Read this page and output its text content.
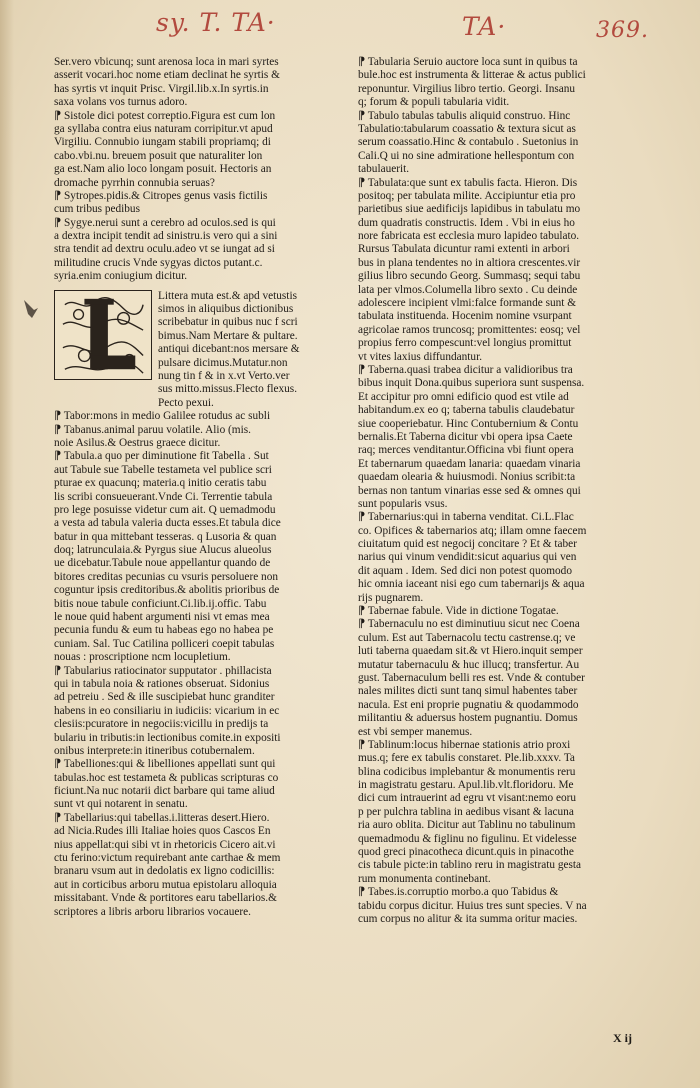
sy. T. TA·	TA·	369.
Ser.vero vbicunq; sunt arenosa loca in mari syrtes
asserit vocari.hoc nome etiam declinat he syrtis &
has syrtis vt inquit Prisc. Virgil.lib.x.In syrtis.in
saxa volans vos turnus adoro.
⁋ Sistole dici potest correptio.Figura est cum lon
ga syllaba contra eius naturam corripitur.vt apud
Virgiliu. Connubio iungam stabili propriamq; di
cabo.vbi.nu. breuem posuit que naturaliter lon
ga est.Nam alio loco longam posuit. Hectoris an
dromache pyrrhin connubia seruas?
⁋ Sytropes.pidis.& Citropes genus vasis fictilis
cum tribus pedibus
⁋ Sygye.nerui sunt a cerebro ad oculos.sed is qui
a dextra incipit tendit ad sinistru.is vero qui a sini
stra tendit ad dextru oculu.adeo vt se iungat ad si
militudine crucis Vnde sygyas dictos putant.c.
syria.enim coniugium dicitur.
Littera muta est.& apd vetustis
simos in aliquibus dictionibus
scribebatur in quibus nuc f scri
bimus.Nam Mertare & pultare.
antiqui dicebant:nos mersare &
pulsare dicimus.Mutatur.non
nung tin f & in x.vt Verto.ver
sus mitto.missus.Flecto flexus.
Pecto pexui.
⁋ Tabor:mons in medio Galilee rotudus ac subli
⁋ Tabanus.animal paruu volatile. Alio (mis.
noie Asilus.& Oestrus graece dicitur.
⁋ Tabula.a quo per diminutione fit Tabella . Sut
aut Tabule sue Tabelle testameta vel publice scri
pturae ex quacunq; materia.q initio ceratis tabu
lis scribi consueuerant.Vnde Ci. Terrentie tabula
pro lege posuisse videtur cum ait. Q uemadmodu
a vesta ad tabula valeria ducta esses.Et tabula dice
batur in qua mittebant tesseras. q Lusoria & quan
doq; latrunculaia.& Pyrgus siue Alucus alueolus
ue dicebatur.Tabule noue appellantur quando de
bitores creditas pecunias cu vsuris persoluere non
coguntur ipsis creditoribus.& abolitis prioribus de
bitis noue tabule conficiunt.Ci.lib.ij.offic. Tabu
le noue quid habent argumenti nisi vt emas mea
pecunia fundu & eum tu habeas ego no habea pe
cuniam. Sal. Tuc Catilina polliceri coepit tabulas
nouas : proscriptione ncm locupletium.
⁋ Tabularius ratiocinator supputator . phillacista
qui in tabula noia & rationes obseruat. Sidonius
ad petreiu . Sed & ille suscipiebat hunc granditer
habens in eo consiliariu in iudiciis: vicarium in ec
clesiis:pcuratore in negociis:vicillu in predijs ta
bulariu in tributis:in lectionibus comite.in expositi
onibus interprete:in itineribus cotubernalem.
⁋ Tabelliones:qui & libelliones appellati sunt qui
tabulas.hoc est testameta & publicas scripturas co
ficiunt.Na nuc notarii dict barbare qui tame aliud
sunt vt qui notarent in senatu.
⁋ Tabellarius:qui tabellas.i.litteras desert.Hiero.
ad Nicia.Rudes illi Italiae hoies quos Cascos En
nius appellat:qui sibi vt in rhetoricis Cicero ait.vi
ctu ferino:victum requirebant ante carthae & mem
branaru vsum aut in dedolatis ex ligno codicillis:
aut in corticibus arboru mutua epistolaru alloquia
missitabant. Vnde & portitores earu tabellarios.&
scriptores a libris arboru librarios vocauere.
⁋ Tabularia Seruio auctore loca sunt in quibus ta
bule.hoc est instrumenta & litterae & actus publici
reponuntur. Virgilius libro tertio. Georgi. Insanu
q; forum & populi tabularia vidit.
⁋ Tabulo tabulas tabulis aliquid construo. Hinc
Tabulatio:tabularum coassatio & textura sicut as
serum coassatio.Hinc & contabulo . Suetonius in
Cali.Q ui no sine admiratione hellespontum con
tabulauerit.
⁋ Tabulata:que sunt ex tabulis facta. Hieron. Dis
positoq; per tabulata milite. Accipiuntur etia pro
parietibus siue aedificijs lapidibus in tabulatu mo
dum quadratis constructis. Idem . Vbi in eius ho
nore fabricata est ecclesia muro lapideo tabulato.
Rursus Tabulata dicuntur rami extenti in arbori
bus in plana tendentes no in altiora crescentes.vir
gilius libro secundo Georg. Summasq; sequi tabu
lata per vlmos.Columella libro sexto . Cu deinde
adolescere incipient vlmi:falce formande sunt &
tabulata instituenda. Hocenim nomine vsurpant
agricolae ramos truncosq; promittentes: eosq; vel
propius ferro compescunt:vel longius promittut
vt vites laxius diffundantur.
⁋ Taberna.quasi trabea dicitur a validioribus tra
bibus inquit Dona.quibus superiora sunt suspensa.
Et accipitur pro omni edificio quod est vtile ad
habitandum.ex eo q; taberna tabulis claudebatur
siue cooperiebatur. Hinc Contubernium & Contu
bernalis.Et Taberna dicitur vbi opera ipsa Caete
raq; merces venditantur.Officina vbi fiunt opera
Et tabernarum quaedam lanaria: quaedam vinaria
quaedam olearia & huiusmodi. Nonius scribit:ta
bernas non tantum vinarias esse sed & omnes qui
sunt popularis vsus.
⁋ Tabernarius:qui in taberna venditat. Ci.L.Flac
co. Opifices & tabernarios atq; illam omne faecem
ciuitatum quid est negocij concitare ? Et & taber
narius qui vinum vendidit:sicut aquarius qui ven
dit aquam . Idem. Sed dici non potest quomodo
hic omnia iaceant nisi ego cum tabernarijs & aqua
rijs pugnarem.
⁋ Tabernae fabule. Vide in dictione Togatae.
⁋ Tabernaculu no est diminutiuu sicut nec Coena
culum. Est aut Tabernacolu tectu castrense.q; ve
luti taberna quaedam sit.& vt Hiero.inquit semper
mutatur tabernaculu & huc illucq; transfertur. Au
gust. Tabernaculum belli res est. Vnde & contuber
nales milites dicti sunt tanq simul habentes taber
nacula. Est eni proprie pugnatiu & quodammodo
militantiu & aduersus hostem pugnantiu. Domus
est vbi semper manemus.
⁋ Tablinum:locus hibernae stationis atrio proxi
mus.q; fere ex tabulis constaret. Ple.lib.xxxv. Ta
blina codicibus implebantur & monumentis reru
in magistratu gestaru. Apul.lib.vlt.floridoru. Me
dici cum intrauerint ad egru vt visant:nemo eoru
p per pulchra tablina in aedibus visant & lacuna
ria auro oblita. Dicitur aut Tablinu no tabulinum
quemadmodu & figlinu no figulinu. Et videlesse
quod greci pinacotheca dicunt.quis in pinacothe
cis tabule picte:in tablino reru in magistratu gesta
rum monumenta continebant.
⁋ Tabes.is.corruptio morbo.a quo Tabidus &
tabidu corpus dicitur. Huius tres sunt species. V na
cum corpus no alitur & ita summa oritur macies.
X ij
